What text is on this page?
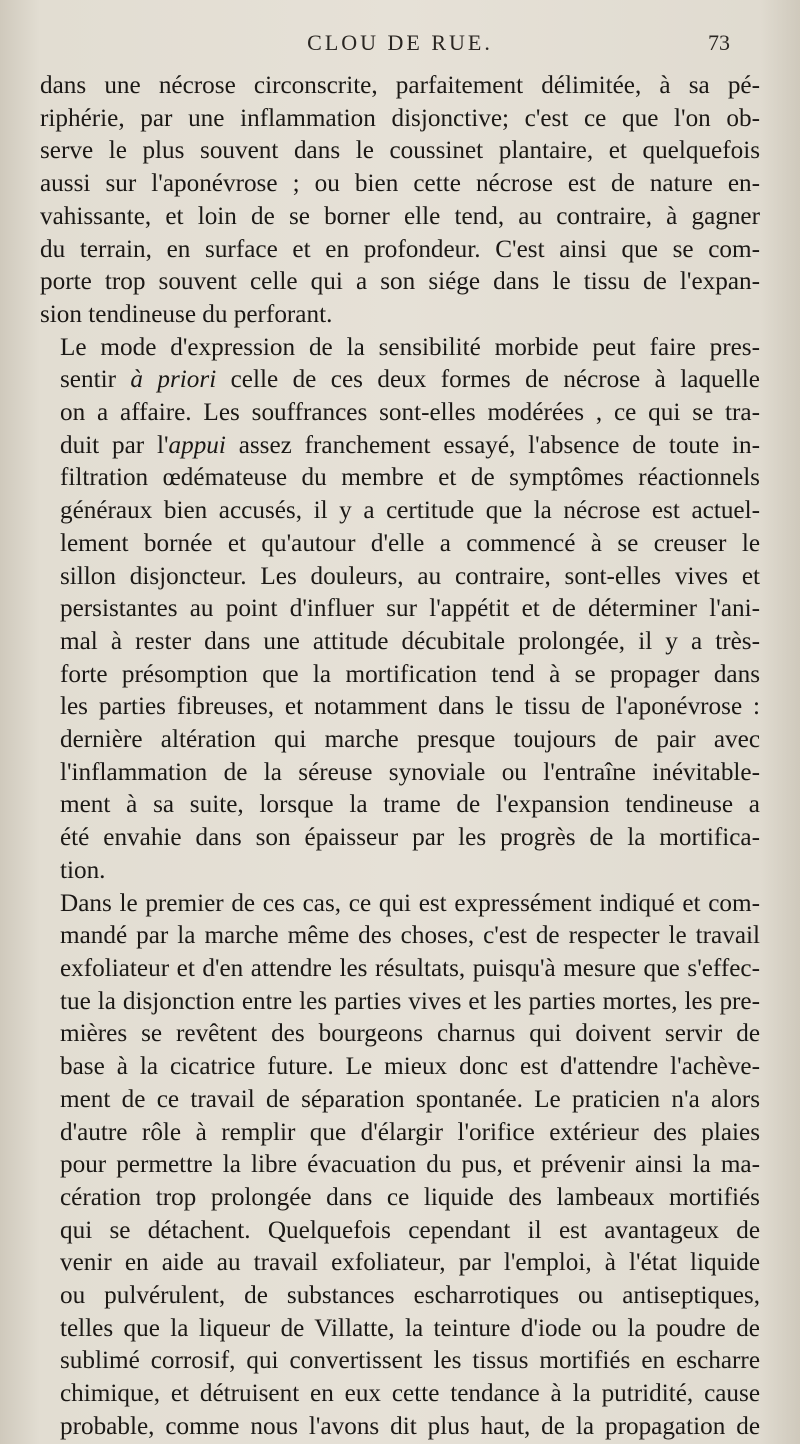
CLOU DE RUE.	73

dans une nécrose circonscrite, parfaitement délimitée, à sa pé-
riphérie, par une inflammation disjonctive; c'est ce que l'on ob-
serve le plus souvent dans le coussinet plantaire, et quelquefois
aussi sur l'aponévrose ; ou bien cette nécrose est de nature en-
vahissante, et loin de se borner elle tend, au contraire, à gagner
du terrain, en surface et en profondeur. C'est ainsi que se com-
porte trop souvent celle qui a son siége dans le tissu de l'expan-
sion tendineuse du perforant.

Le mode d'expression de la sensibilité morbide peut faire pres-
sentir à priori celle de ces deux formes de nécrose à laquelle
on a affaire. Les souffrances sont-elles modérées , ce qui se tra-
duit par l'appui assez franchement essayé, l'absence de toute in-
filtration œdémateuse du membre et de symptômes réactionnels
généraux bien accusés, il y a certitude que la nécrose est actuel-
lement bornée et qu'autour d'elle a commencé à se creuser le
sillon disjoncteur. Les douleurs, au contraire, sont-elles vives et
persistantes au point d'influer sur l'appétit et de déterminer l'ani-
mal à rester dans une attitude décubitale prolongée, il y a très-
forte présomption que la mortification tend à se propager dans
les parties fibreuses, et notamment dans le tissu de l'aponévrose :
dernière altération qui marche presque toujours de pair avec
l'inflammation de la séreuse synoviale ou l'entraîne inévitable-
ment à sa suite, lorsque la trame de l'expansion tendineuse a
été envahie dans son épaisseur par les progrès de la mortifica-
tion.

Dans le premier de ces cas, ce qui est expressément indiqué et com-
mandé par la marche même des choses, c'est de respecter le travail
exfoliateur et d'en attendre les résultats, puisqu'à mesure que s'effec-
tue la disjonction entre les parties vives et les parties mortes, les pre-
mières se revêtent des bourgeons charnus qui doivent servir de
base à la cicatrice future. Le mieux donc est d'attendre l'achève-
ment de ce travail de séparation spontanée. Le praticien n'a alors
d'autre rôle à remplir que d'élargir l'orifice extérieur des plaies
pour permettre la libre évacuation du pus, et prévenir ainsi la ma-
cération trop prolongée dans ce liquide des lambeaux mortifiés
qui se détachent. Quelquefois cependant il est avantageux de
venir en aide au travail exfoliateur, par l'emploi, à l'état liquide
ou pulvérulent, de substances escharrotiques ou antiseptiques,
telles que la liqueur de Villatte, la teinture d'iode ou la poudre de
sublimé corrosif, qui convertissent les tissus mortifiés en escharre
chimique, et détruisent en eux cette tendance à la putridité, cause
probable, comme nous l'avons dit plus haut, de la propagation de
